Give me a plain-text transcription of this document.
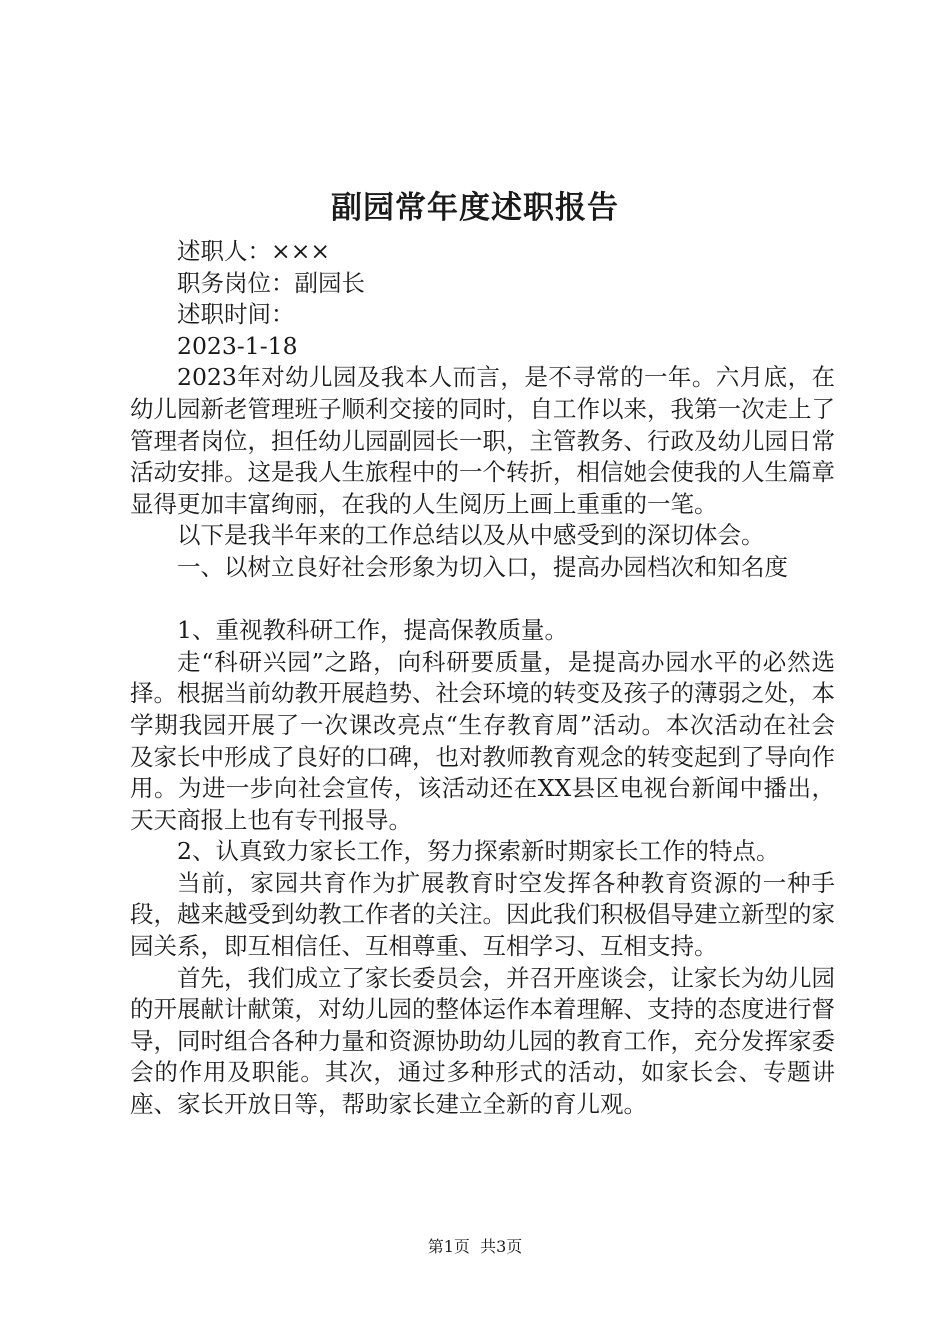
副园常年度述职报告
述职人：×××
职务岗位：副园长
述职时间：
2023-1-18

2023年对幼儿园及我本人而言，是不寻常的一年。六月底，在幼儿园新老管理班子顺利交接的同时，自工作以来，我第一次走上了管理者岗位，担任幼儿园副园长一职，主管教务、行政及幼儿园日常活动安排。这是我人生旅程中的一个转折，相信她会使我的人生篇章显得更加丰富绚丽，在我的人生阅历上画上重重的一笔。

以下是我半年来的工作总结以及从中感受到的深切体会。

一、以树立良好社会形象为切入口，提高办园档次和知名度

1、重视教科研工作，提高保教质量。

走“科研兴园”之路，向科研要质量，是提高办园水平的必然选择。根据当前幼教开展趋势、社会环境的转变及孩子的薄弱之处，本学期我园开展了一次课改亮点“生存教育周”活动。本次活动在社会及家长中形成了良好的口碑，也对教师教育观念的转变起到了导向作用。为进一步向社会宣传，该活动还在XX县区电视台新闻中播出，天天商报上也有专刊报导。

2、认真致力家长工作，努力探索新时期家长工作的特点。

当前，家园共育作为扩展教育时空发挥各种教育资源的一种手段，越来越受到幼教工作者的关注。因此我们积极倡导建立新型的家园关系，即互相信任、互相尊重、互相学习、互相支持。

首先，我们成立了家长委员会，并召开座谈会，让家长为幼儿园的开展献计献策，对幼儿园的整体运作本着理解、支持的态度进行督导，同时组合各种力量和资源协助幼儿园的教育工作，充分发挥家委会的作用及职能。其次，通过多种形式的活动，如家长会、专题讲座、家长开放日等，帮助家长建立全新的育儿观。

第1页  共3页
